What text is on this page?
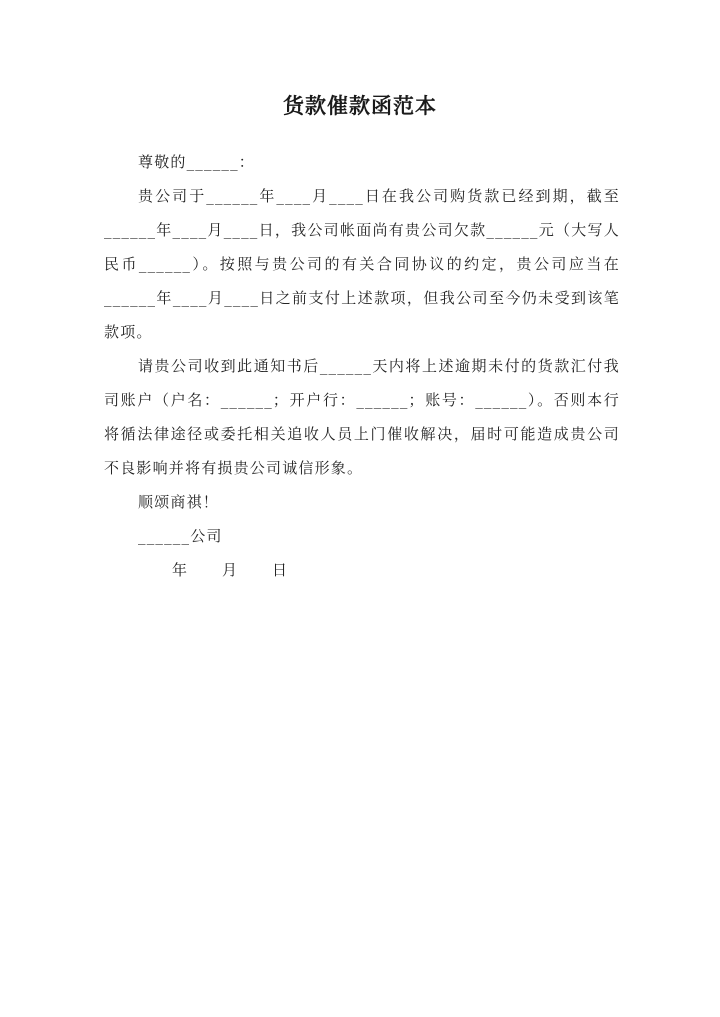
货款催款函范本

尊敬的______：

贵公司于______年____月____日在我公司购货款已经到期，截至______年____月____日，我公司帐面尚有贵公司欠款______元（大写人民币______）。按照与贵公司的有关合同协议的约定，贵公司应当在______年____月____日之前支付上述款项，但我公司至今仍未受到该笔款项。

请贵公司收到此通知书后______天内将上述逾期未付的货款汇付我司账户（户名：______；开户行：______；账号：______）。否则本行将循法律途径或委托相关追收人员上门催收解决，届时可能造成贵公司不良影响并将有损贵公司诚信形象。

顺颂商祺！

______公司

年 月 日
